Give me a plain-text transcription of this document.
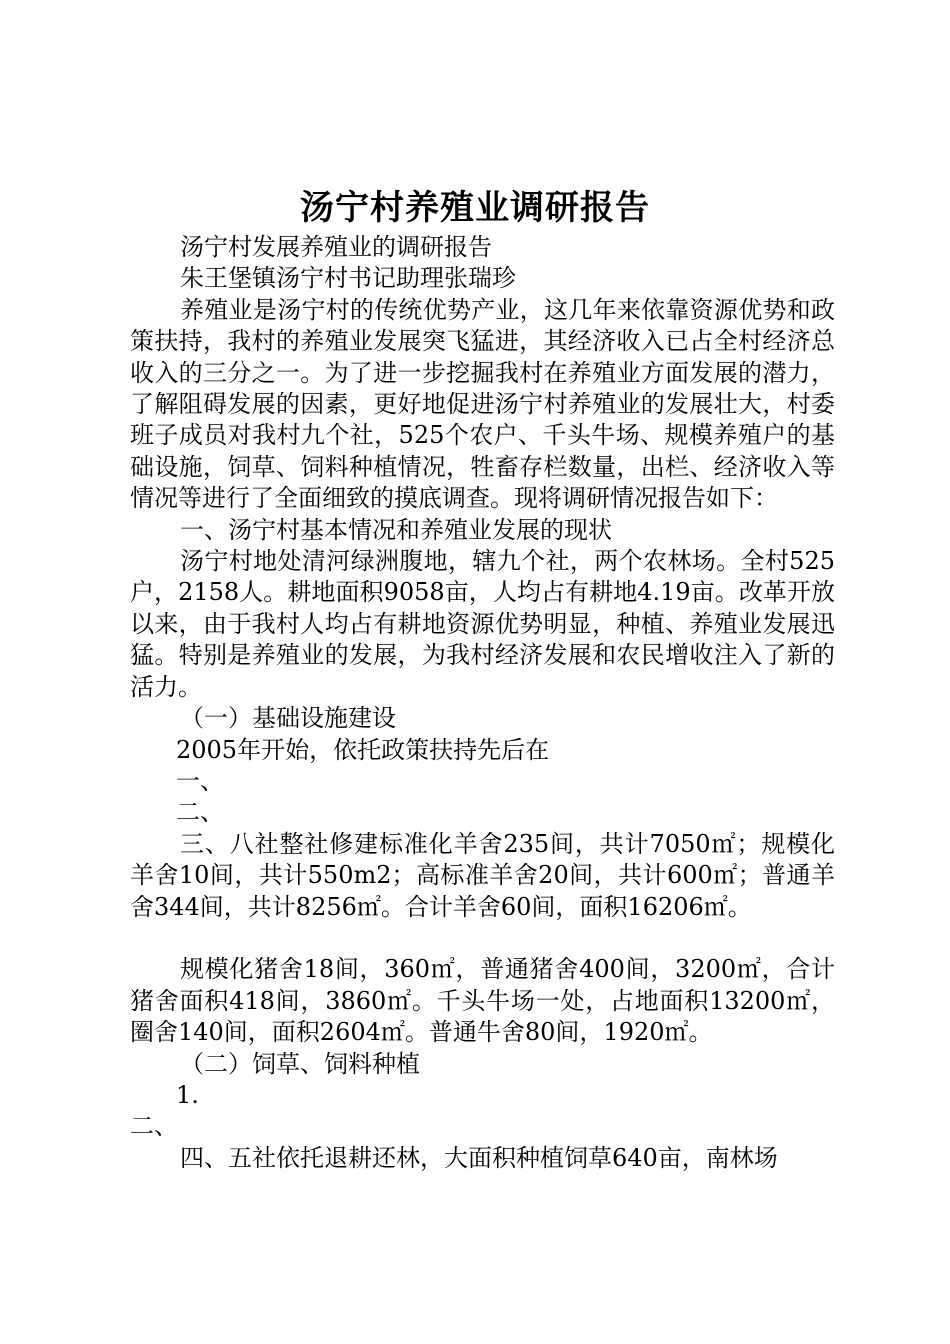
汤宁村养殖业调研报告

汤宁村发展养殖业的调研报告

朱王堡镇汤宁村书记助理张瑞珍

养殖业是汤宁村的传统优势产业，这几年来依靠资源优势和政策扶持，我村的养殖业发展突飞猛进，其经济收入已占全村经济总收入的三分之一。为了进一步挖掘我村在养殖业方面发展的潜力，了解阻碍发展的因素，更好地促进汤宁村养殖业的发展壮大，村委班子成员对我村九个社，525个农户、千头牛场、规模养殖户的基础设施，饲草、饲料种植情况，牲畜存栏数量，出栏、经济收入等情况等进行了全面细致的摸底调查。现将调研情况报告如下：

一、汤宁村基本情况和养殖业发展的现状

汤宁村地处清河绿洲腹地，辖九个社，两个农林场。全村525户，2158人。耕地面积9058亩，人均占有耕地4.19亩。改革开放以来，由于我村人均占有耕地资源优势明显，种植、养殖业发展迅猛。特别是养殖业的发展，为我村经济发展和农民增收注入了新的活力。

（一）基础设施建设

2005年开始，依托政策扶持先后在

一、

二、

三、八社整社修建标准化羊舍235间，共计7050㎡；规模化羊舍10间，共计550m2；高标准羊舍20间，共计600㎡；普通羊舍344间，共计8256㎡。合计羊舍60间，面积16206㎡。

规模化猪舍18间，360㎡，普通猪舍400间，3200㎡，合计猪舍面积418间，3860㎡。千头牛场一处，占地面积13200㎡，圈舍140间，面积2604㎡。普通牛舍80间，1920㎡。

（二）饲草、饲料种植

1.

二、

四、五社依托退耕还林，大面积种植饲草640亩，南林场
